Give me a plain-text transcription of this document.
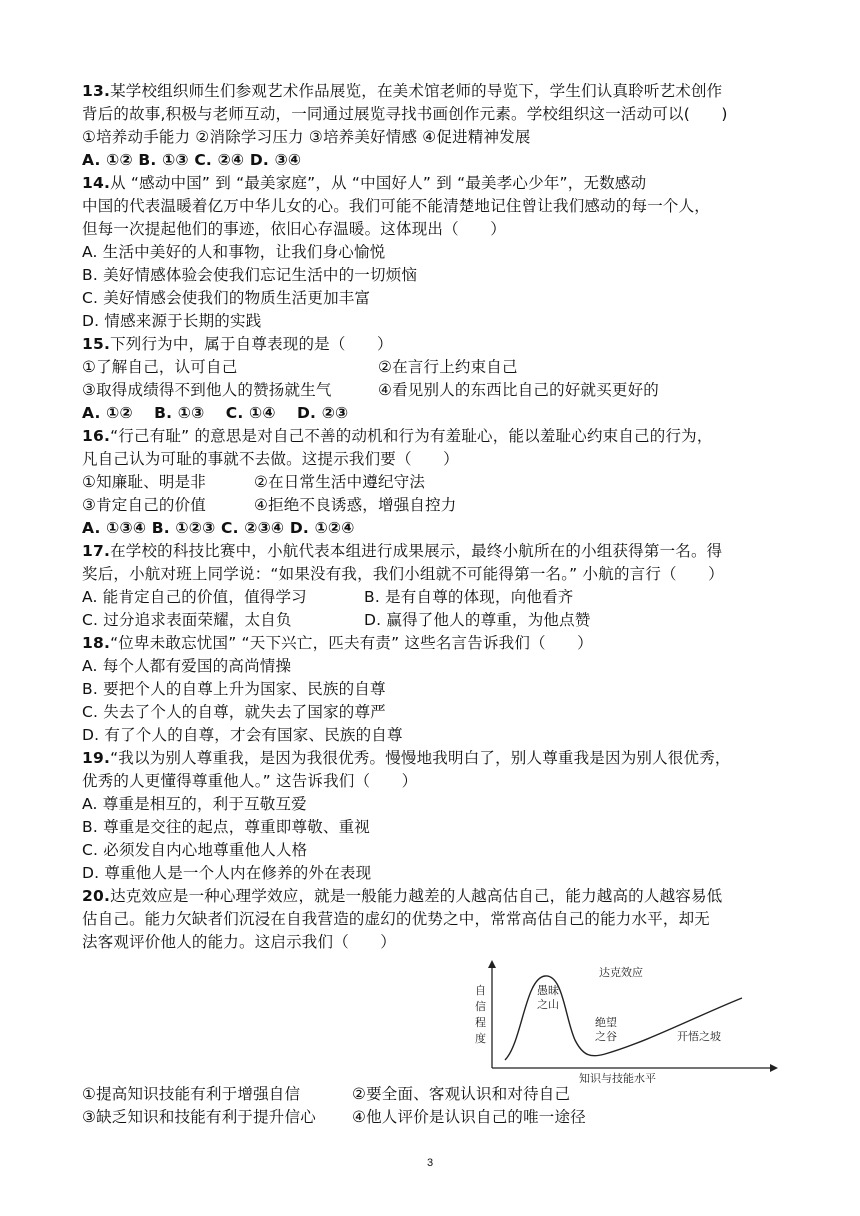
13.某学校组织师生们参观艺术作品展览，在美术馆老师的导览下，学生们认真聆听艺术创作
背后的故事,积极与老师互动，一同通过展览寻找书画创作元素。学校组织这一活动可以(　　)
①培养动手能力 ②消除学习压力 ③培养美好情感 ④促进精神发展
A. ①② B. ①③ C. ②④ D. ③④
14.从 “感动中国” 到 “最美家庭”，从 “中国好人” 到 “最美孝心少年”，无数感动
中国的代表温暖着亿万中华儿女的心。我们可能不能清楚地记住曾让我们感动的每一个人，
但每一次提起他们的事迹，依旧心存温暖。这体现出（　　）
A. 生活中美好的人和事物，让我们身心愉悦
B. 美好情感体验会使我们忘记生活中的一切烦恼
C. 美好情感会使我们的物质生活更加丰富
D. 情感来源于长期的实践
15.下列行为中，属于自尊表现的是（　　）
①了解自己，认可自己	②在言行上约束自己
③取得成绩得不到他人的赞扬就生气	④看见别人的东西比自己的好就买更好的
A. ①②　 B. ①③　 C. ①④　 D. ②③
16.“行己有耻” 的意思是对自己不善的动机和行为有羞耻心，能以羞耻心约束自己的行为，
凡自己认为可耻的事就不去做。这提示我们要（　　）
①知廉耻、明是非	②在日常生活中遵纪守法
③肯定自己的价值	④拒绝不良诱惑，增强自控力
A. ①③④ B. ①②③ C. ②③④ D. ①②④
17.在学校的科技比赛中，小航代表本组进行成果展示，最终小航所在的小组获得第一名。得
奖后，小航对班上同学说：“如果没有我，我们小组就不可能得第一名。” 小航的言行（　　）
A. 能肯定自己的价值，值得学习	B. 是有自尊的体现，向他看齐
C. 过分追求表面荣耀，太自负	D. 赢得了他人的尊重，为他点赞
18.“位卑未敢忘忧国” “天下兴亡，匹夫有责” 这些名言告诉我们（　　）
A. 每个人都有爱国的高尚情操
B. 要把个人的自尊上升为国家、民族的自尊
C. 失去了个人的自尊，就失去了国家的尊严
D. 有了个人的自尊，才会有国家、民族的自尊
19.“我以为别人尊重我，是因为我很优秀。慢慢地我明白了，别人尊重我是因为别人很优秀，
优秀的人更懂得尊重他人。” 这告诉我们（　　）
A. 尊重是相互的，利于互敬互爱
B. 尊重是交往的起点，尊重即尊敬、重视
C. 必须发自内心地尊重他人人格
D. 尊重他人是一个人内在修养的外在表现
20.达克效应是一种心理学效应，就是一般能力越差的人越高估自己，能力越高的人越容易低
估自己。能力欠缺者们沉浸在自我营造的虚幻的优势之中，常常高估自己的能力水平，却无
法客观评价他人的能力。这启示我们（　　）
达克效应
自 信 程 度
知识与技能水平
愚昧 之山
绝望 之谷	开悟之坡
①提高知识技能有利于增强自信	②要全面、客观认识和对待自己
③缺乏知识和技能有利于提升信心	④他人评价是认识自己的唯一途径
3
